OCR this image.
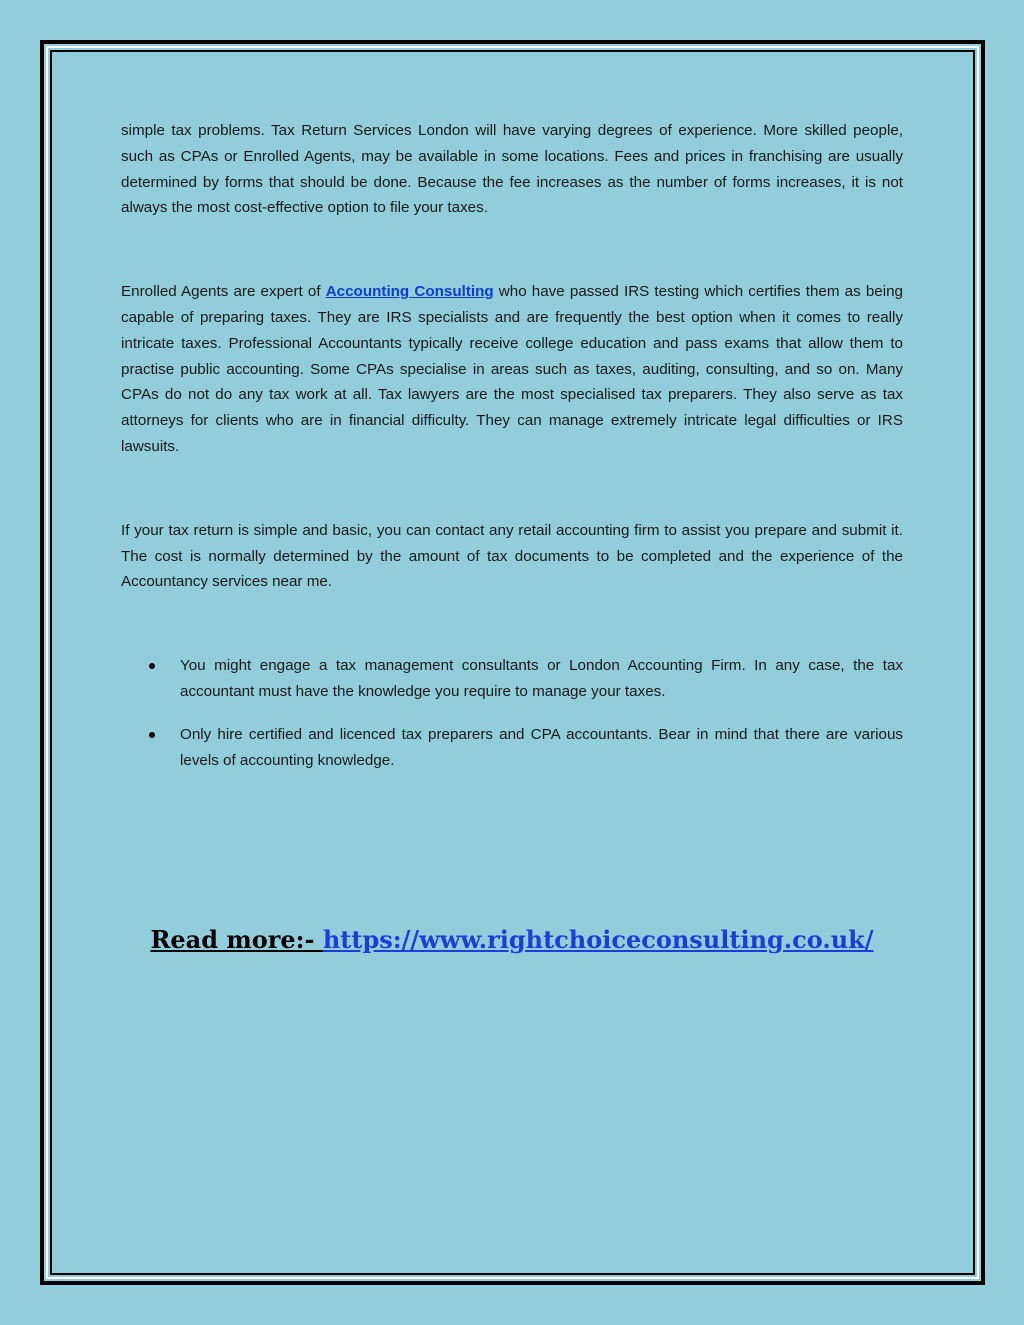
simple tax problems. Tax Return Services London will have varying degrees of experience. More skilled people, such as CPAs or Enrolled Agents, may be available in some locations. Fees and prices in franchising are usually determined by forms that should be done. Because the fee increases as the number of forms increases, it is not always the most cost-effective option to file your taxes.

Enrolled Agents are expert of Accounting Consulting who have passed IRS testing which certifies them as being capable of preparing taxes. They are IRS specialists and are frequently the best option when it comes to really intricate taxes. Professional Accountants typically receive college education and pass exams that allow them to practise public accounting. Some CPAs specialise in areas such as taxes, auditing, consulting, and so on. Many CPAs do not do any tax work at all. Tax lawyers are the most specialised tax preparers. They also serve as tax attorneys for clients who are in financial difficulty. They can manage extremely intricate legal difficulties or IRS lawsuits.

If your tax return is simple and basic, you can contact any retail accounting firm to assist you prepare and submit it. The cost is normally determined by the amount of tax documents to be completed and the experience of the Accountancy services near me.

You might engage a tax management consultants or London Accounting Firm. In any case, the tax accountant must have the knowledge you require to manage your taxes.
Only hire certified and licenced tax preparers and CPA accountants. Bear in mind that there are various levels of accounting knowledge.
Read more:- https://www.rightchoiceconsulting.co.uk/
